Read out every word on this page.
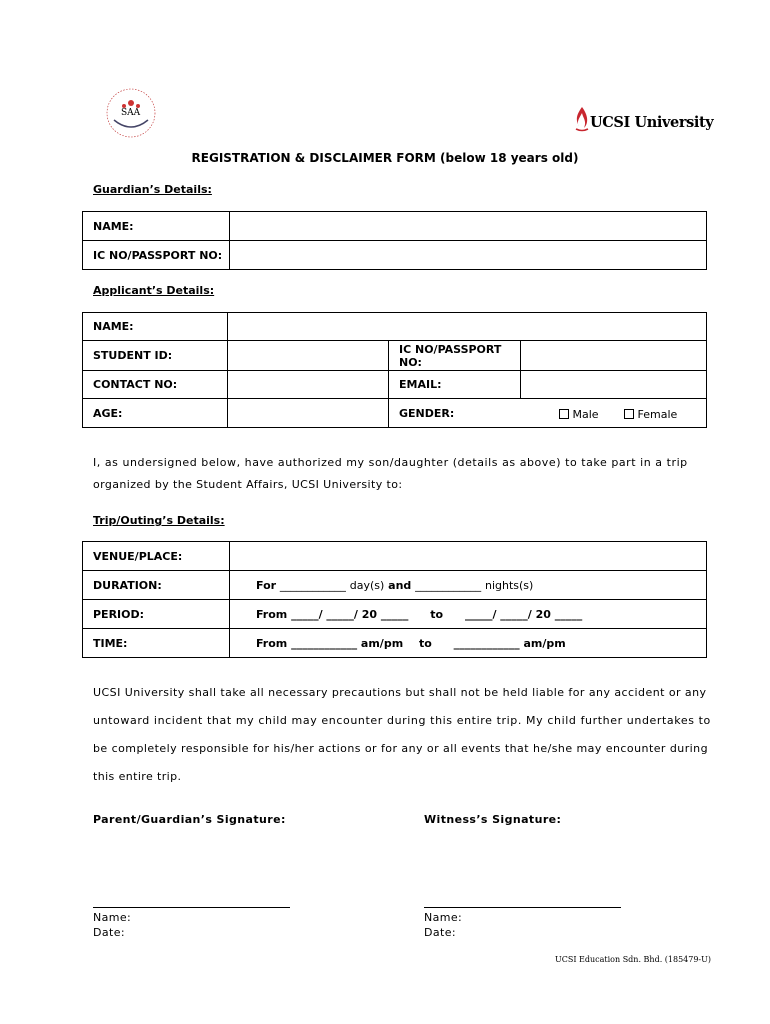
SAA
UCSI University
REGISTRATION & DISCLAIMER FORM (below 18 years old)
Guardian’s Details:
NAME:	
IC NO/PASSPORT NO:	
Applicant’s Details:
NAME:			
STUDENT ID:		IC NO/PASSPORT NO:	
CONTACT NO:		EMAIL:	
AGE:		GENDER: Male Female	
I, as undersigned below, have authorized my son/daughter (details as above) to take part in a trip
organized by the Student Affairs, UCSI University to:
Trip/Outing’s Details:
VENUE/PLACE:	
DURATION:	For ____________ day(s) and ____________ nights(s)
PERIOD:	From _____/ _____/ 20 _____ to _____/ _____/ 20 _____
TIME:	From ____________ am/pm to ____________ am/pm
UCSI University shall take all necessary precautions but shall not be held liable for any accident or any
untoward incident that my child may encounter during this entire trip. My child further undertakes to
be completely responsible for his/her actions or for any or all events that he/she may encounter during
this entire trip.
Parent/Guardian’s Signature:	Witness’s Signature:
Name:
Date:
Name:
Date:
UCSI Education Sdn. Bhd. (185479-U)
